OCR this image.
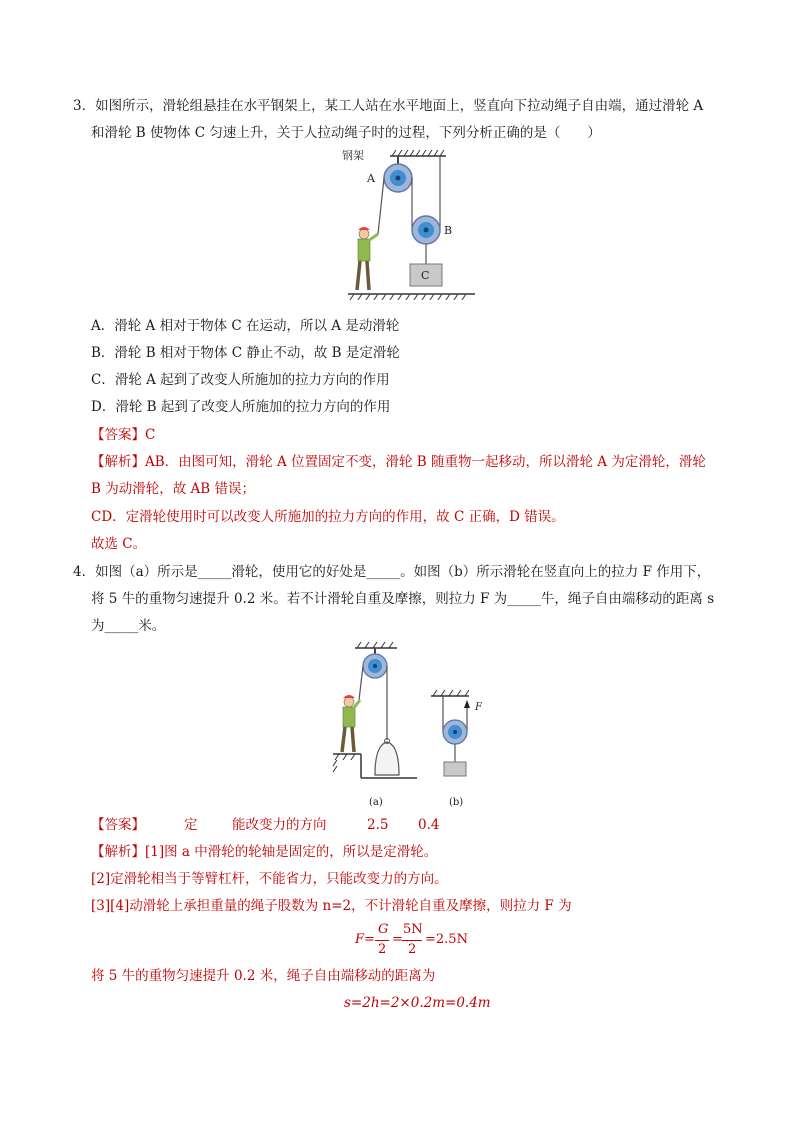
3．如图所示，滑轮组悬挂在水平钢架上，某工人站在水平地面上，竖直向下拉动绳子自由端，通过滑轮 A
和滑轮 B 使物体 C 匀速上升，关于人拉动绳子时的过程，下列分析正确的是（　　）
钢架
A
B
C
A．滑轮 A 相对于物体 C 在运动，所以 A 是动滑轮
B．滑轮 B 相对于物体 C 静止不动，故 B 是定滑轮
C．滑轮 A 起到了改变人所施加的拉力方向的作用
D．滑轮 B 起到了改变人所施加的拉力方向的作用
【答案】C
【解析】AB．由图可知，滑轮 A 位置固定不变，滑轮 B 随重物一起移动，所以滑轮 A 为定滑轮，滑轮
B 为动滑轮，故 AB 错误；
CD．定滑轮使用时可以改变人所施加的拉力方向的作用，故 C 正确，D 错误。
故选 C。
4．如图（a）所示是_____滑轮，使用它的好处是_____。如图（b）所示滑轮在竖直向上的拉力 F 作用下，
将 5 牛的重物匀速提升 0.2 米。若不计滑轮自重及摩擦，则拉力 F 为_____牛，绳子自由端移动的距离 s
为_____米。
(a)
F
(b)
【答案】	定	能改变力的方向	2.5 0.4
【解析】[1]图 a 中滑轮的轮轴是固定的，所以是定滑轮。
[2]定滑轮相当于等臂杠杆，不能省力，只能改变力的方向。
[3][4]动滑轮上承担重量的绳子股数为 n=2，不计滑轮自重及摩擦，则拉力 F 为
F=
G
2
=
5N
2
=2.5N
将 5 牛的重物匀速提升 0.2 米，绳子自由端移动的距离为
s=2h=2×0.2m=0.4m
